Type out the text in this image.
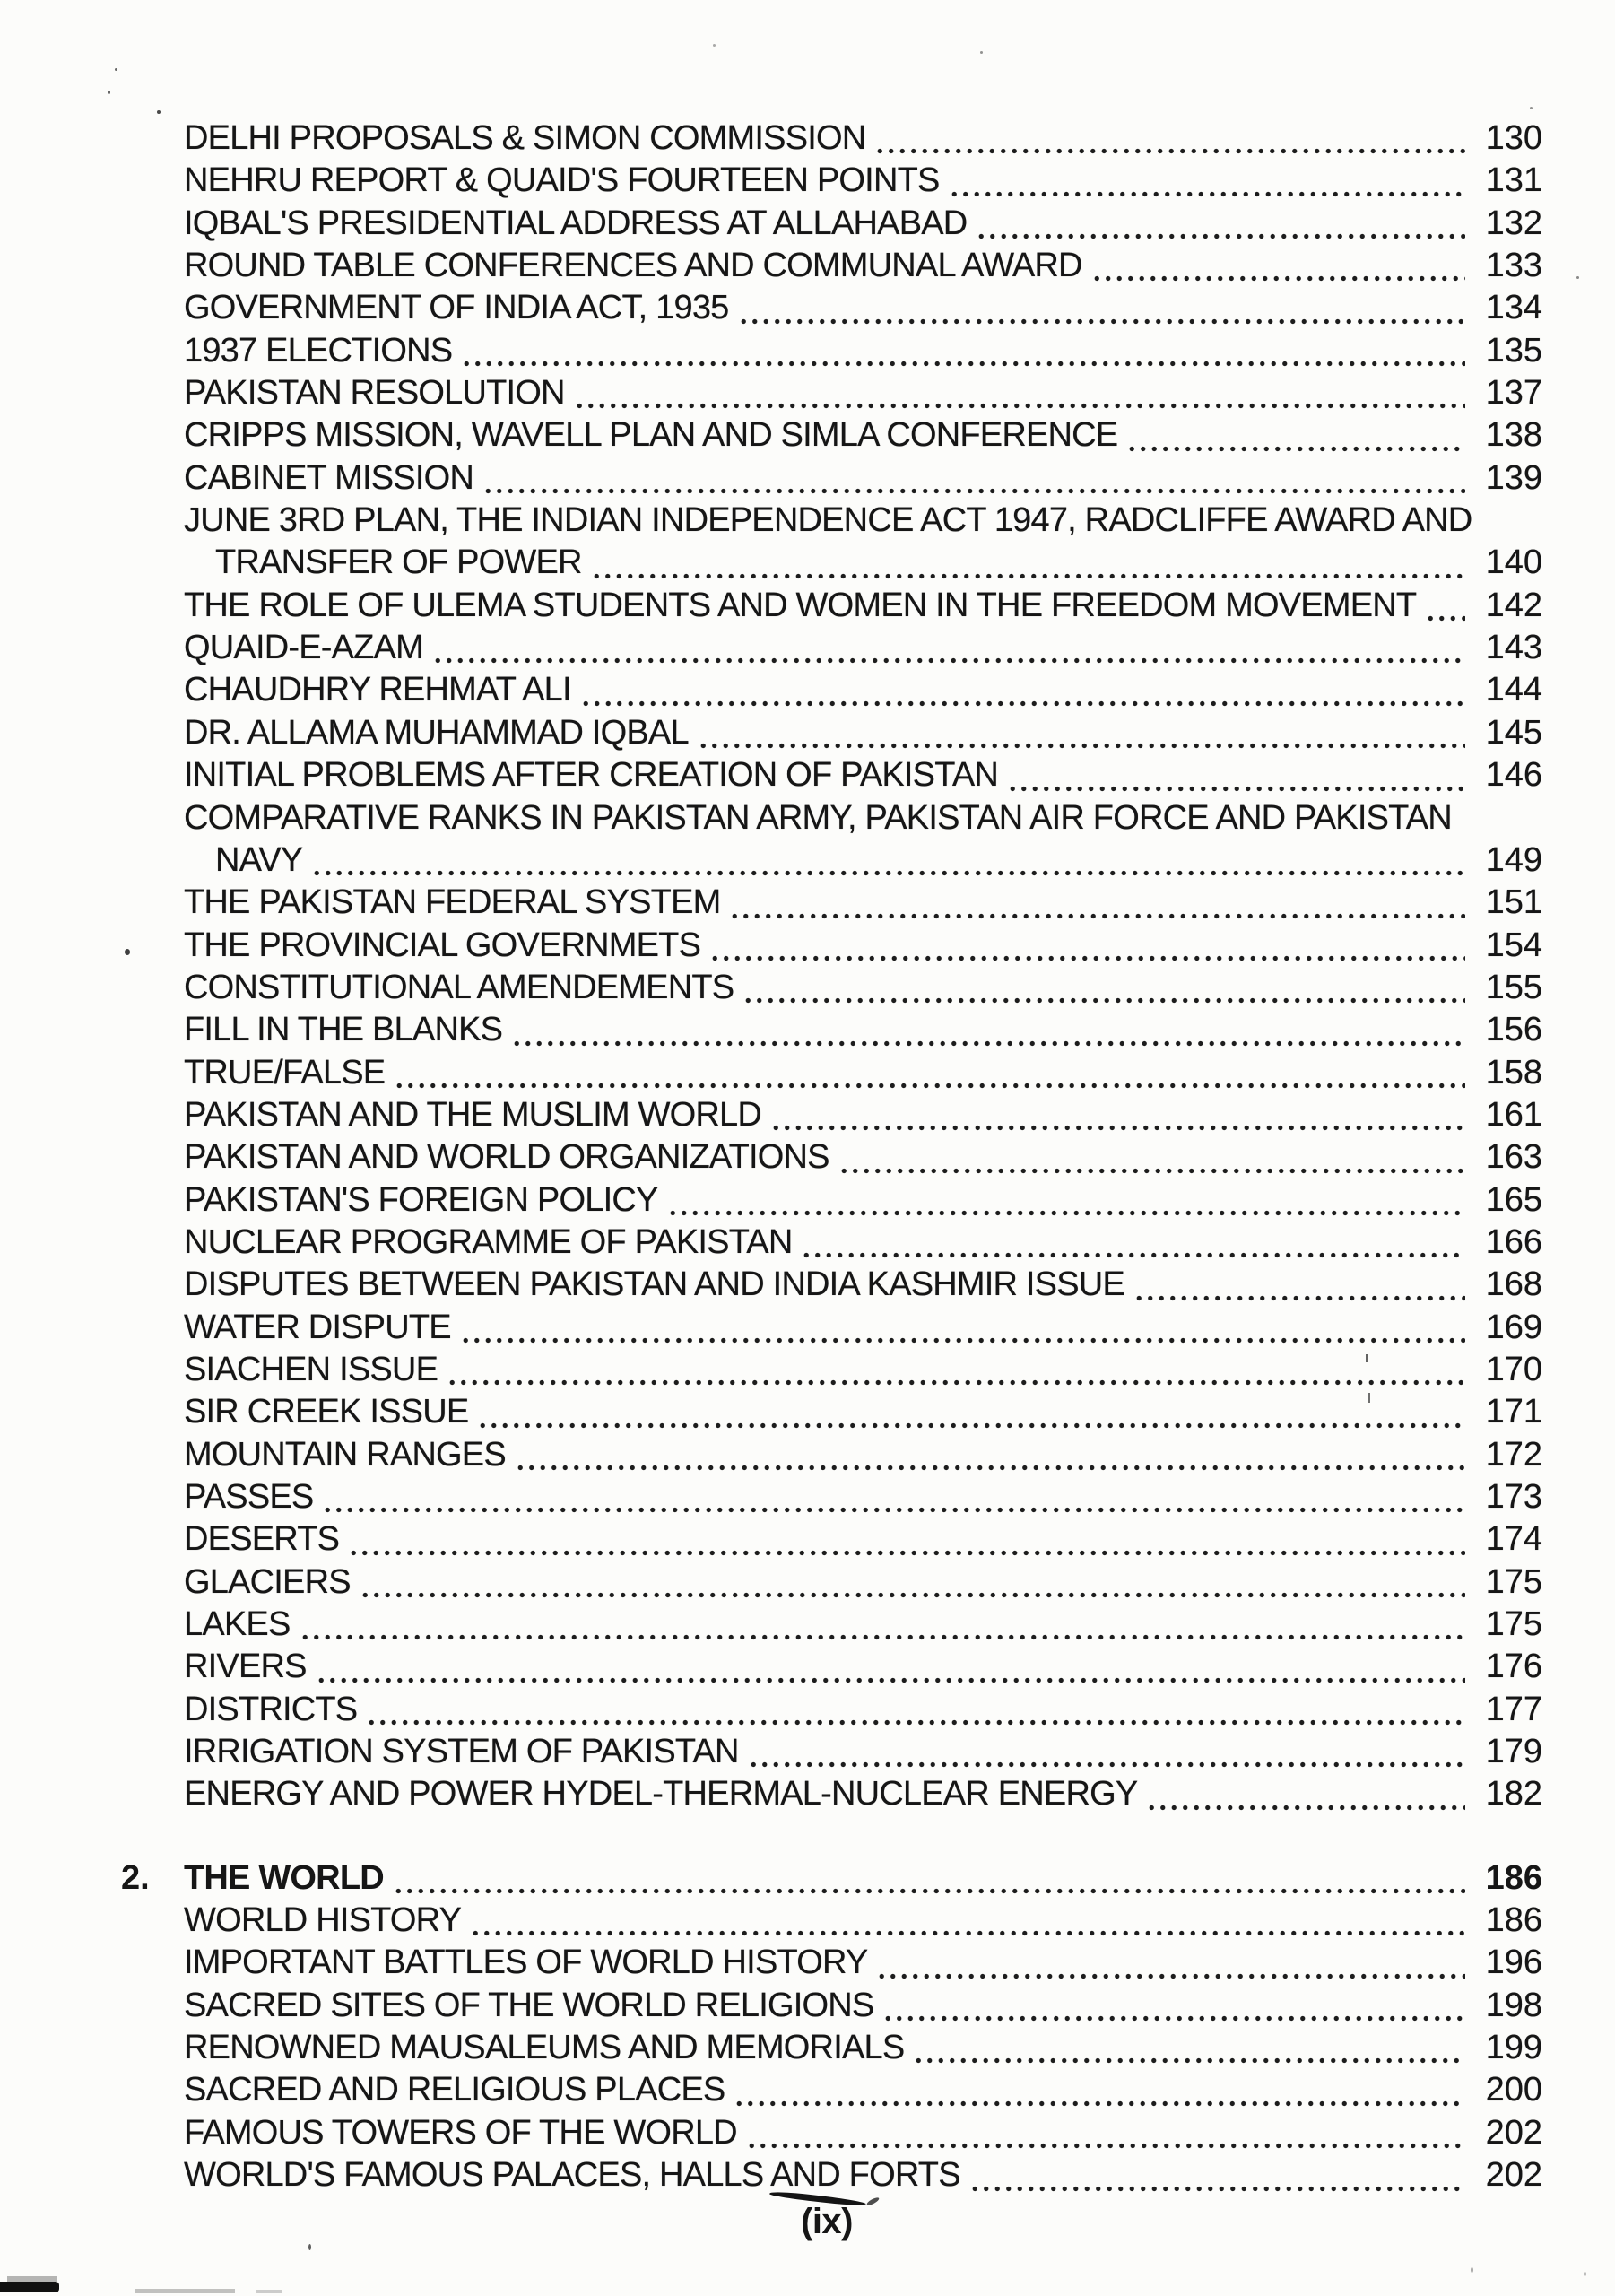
DELHI PROPOSALS & SIMON COMMISSION	130
NEHRU REPORT & QUAID'S FOURTEEN POINTS	131
IQBAL'S PRESIDENTIAL ADDRESS AT ALLAHABAD	132
ROUND TABLE CONFERENCES AND COMMUNAL AWARD	133
GOVERNMENT OF INDIA ACT, 1935	134
1937 ELECTIONS	135
PAKISTAN RESOLUTION	137
CRIPPS MISSION, WAVELL PLAN AND SIMLA CONFERENCE	138
CABINET MISSION	139
JUNE 3RD PLAN, THE INDIAN INDEPENDENCE ACT 1947, RADCLIFFE AWARD AND
TRANSFER OF POWER	140
THE ROLE OF ULEMA STUDENTS AND WOMEN IN THE FREEDOM MOVEMENT	142
QUAID-E-AZAM	143
CHAUDHRY REHMAT ALI	144
DR. ALLAMA MUHAMMAD IQBAL	145
INITIAL PROBLEMS AFTER CREATION OF PAKISTAN	146
COMPARATIVE RANKS IN PAKISTAN ARMY, PAKISTAN AIR FORCE AND PAKISTAN
NAVY	149
THE PAKISTAN FEDERAL SYSTEM	151
THE PROVINCIAL GOVERNMETS	154
CONSTITUTIONAL AMENDEMENTS	155
FILL IN THE BLANKS	156
TRUE/FALSE	158
PAKISTAN AND THE MUSLIM WORLD	161
PAKISTAN AND WORLD ORGANIZATIONS	163
PAKISTAN'S FOREIGN POLICY	165
NUCLEAR PROGRAMME OF PAKISTAN	166
DISPUTES BETWEEN PAKISTAN AND INDIA KASHMIR ISSUE	168
WATER DISPUTE	169
SIACHEN ISSUE	170
SIR CREEK ISSUE	171
MOUNTAIN RANGES	172
PASSES	173
DESERTS	174
GLACIERS	175
LAKES	175
RIVERS	176
DISTRICTS	177
IRRIGATION SYSTEM OF PAKISTAN	179
ENERGY AND POWER HYDEL-THERMAL-NUCLEAR ENERGY	182
2. THE WORLD	186
WORLD HISTORY	186
IMPORTANT BATTLES OF WORLD HISTORY	196
SACRED SITES OF THE WORLD RELIGIONS	198
RENOWNED MAUSALEUMS AND MEMORIALS	199
SACRED AND RELIGIOUS PLACES	200
FAMOUS TOWERS OF THE WORLD	202
WORLD'S FAMOUS PALACES, HALLS AND FORTS	202
(ix)
